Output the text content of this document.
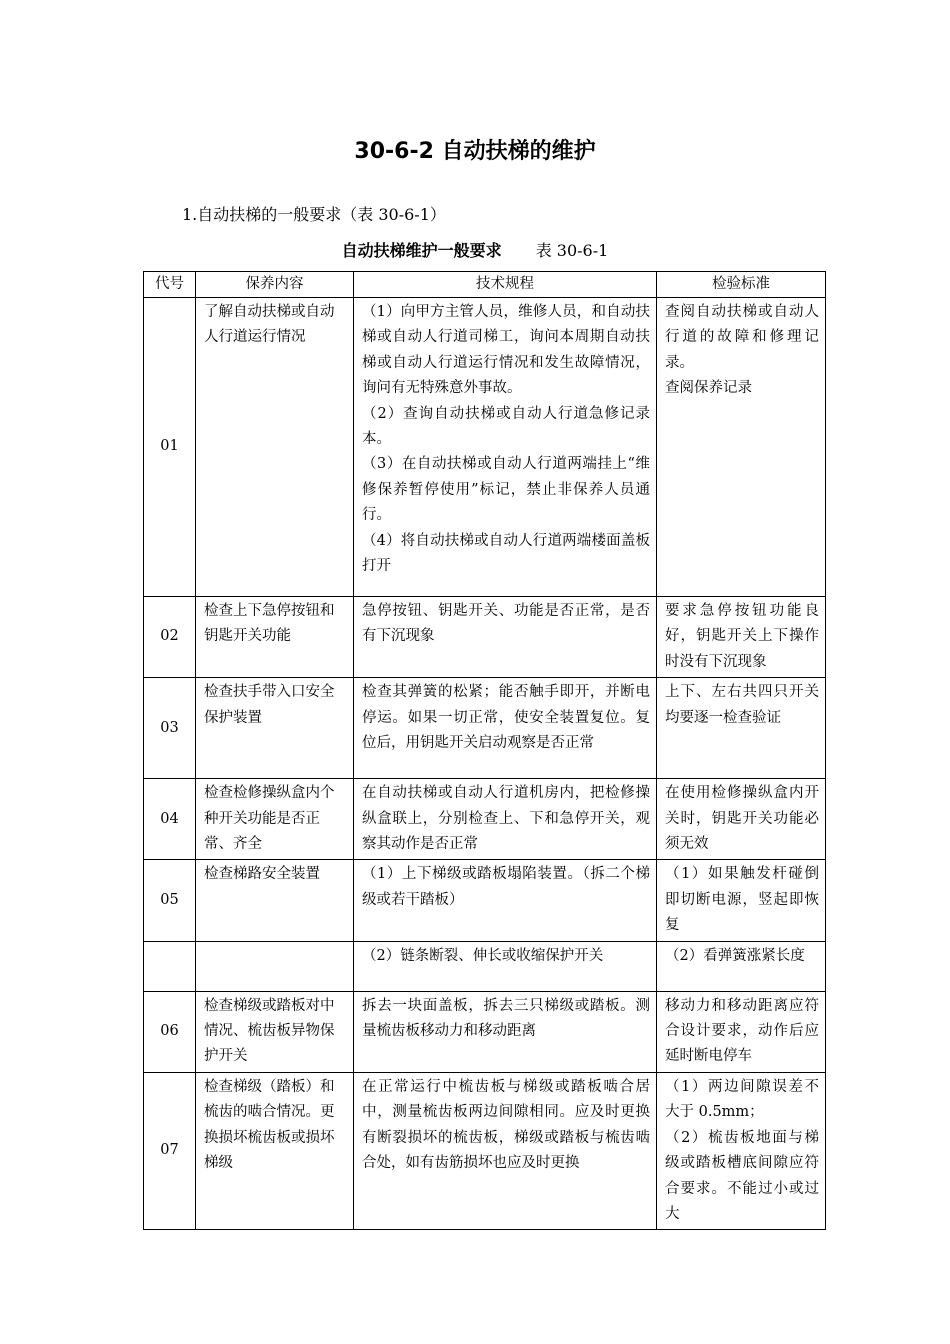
30-6-2 自动扶梯的维护
1.自动扶梯的一般要求（表 30-6-1）
自动扶梯维护一般要求 表 30-6-1
代号	保养内容	技术规程	检验标准
01	了解自动扶梯或自动人行道运行情况	（1）向甲方主管人员，维修人员，和自动扶梯或自动人行道司梯工，询问本周期自动扶梯或自动人行道运行情况和发生故障情况，询问有无特殊意外事故。
（2）查询自动扶梯或自动人行道急修记录本。
（3）在自动扶梯或自动人行道两端挂上“维修保养暂停使用”标记，禁止非保养人员通行。
（4）将自动扶梯或自动人行道两端楼面盖板打开	查阅自动扶梯或自动人行道的故障和修理记录。
查阅保养记录

02	检查上下急停按钮和钥匙开关功能	急停按钮、钥匙开关、功能是否正常，是否有下沉现象	要求急停按钮功能良好，钥匙开关上下操作时没有下沉现象

03	检查扶手带入口安全保护装置	检查其弹簧的松紧；能否触手即开，并断电停运。如果一切正常，使安全装置复位。复位后，用钥匙开关启动观察是否正常	上下、左右共四只开关均要逐一检查验证

04	检查检修操纵盒内个种开关功能是否正常、齐全	在自动扶梯或自动人行道机房内，把检修操纵盒联上，分别检查上、下和急停开关，观察其动作是否正常	在使用检修操纵盒内开关时，钥匙开关功能必须无效

05	检查梯路安全装置	（1）上下梯级或踏板塌陷装置。（拆二个梯级或若干踏板）	（1）如果触发杆碰倒即切断电源，竖起即恢复

		（2）链条断裂、伸长或收缩保护开关	（2）看弹簧涨紧长度

06	检查梯级或踏板对中情况、梳齿板异物保护开关	拆去一块面盖板，拆去三只梯级或踏板。测量梳齿板移动力和移动距离	移动力和移动距离应符合设计要求，动作后应延时断电停车

07	检查梯级（踏板）和梳齿的啮合情况。更换损坏梳齿板或损坏梯级	在正常运行中梳齿板与梯级或踏板啮合居中，测量梳齿板两边间隙相同。应及时更换有断裂损坏的梳齿板，梯级或踏板与梳齿啮合处，如有齿筋损坏也应及时更换	（1）两边间隙误差不大于 0.5mm；
（2）梳齿板地面与梯级或踏板槽底间隙应符合要求。不能过小或过大
